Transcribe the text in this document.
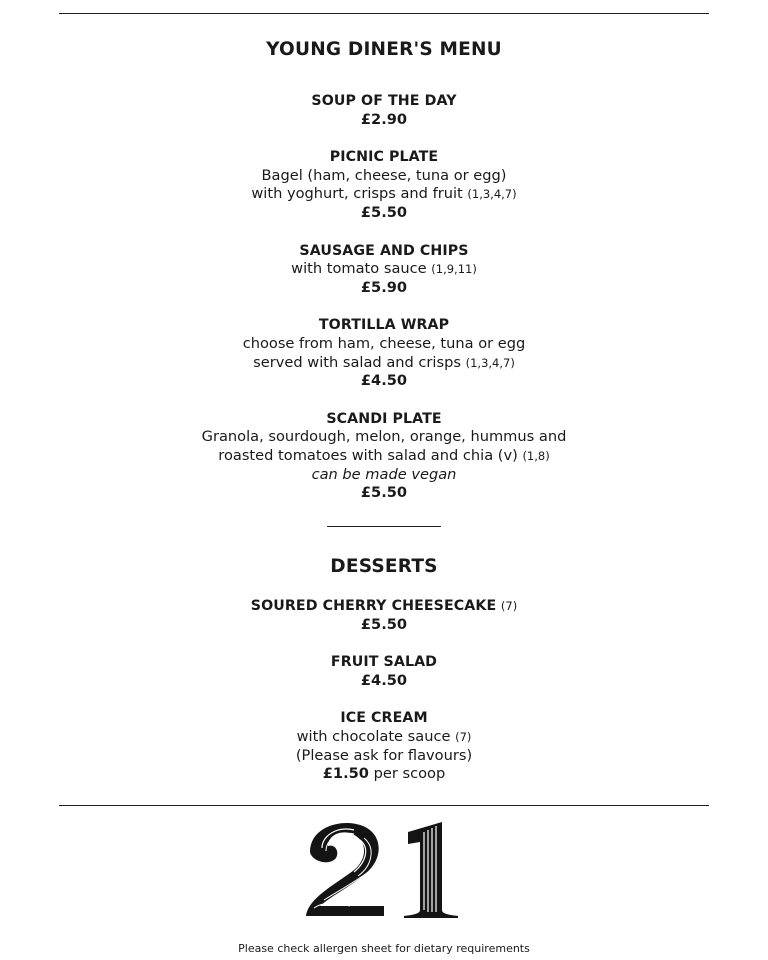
YOUNG DINER'S MENU
SOUP OF THE DAY
£2.90
PICNIC PLATE
Bagel (ham, cheese, tuna or egg)
with yoghurt, crisps and fruit (1,3,4,7)
£5.50
SAUSAGE AND CHIPS
with tomato sauce (1,9,11)
£5.90
TORTILLA WRAP
choose from ham, cheese, tuna or egg
served with salad and crisps (1,3,4,7)
£4.50
SCANDI PLATE
Granola, sourdough, melon, orange, hummus and
roasted tomatoes with salad and chia (v) (1,8)
can be made vegan
£5.50
DESSERTS
SOURED CHERRY CHEESECAKE (7)
£5.50
FRUIT SALAD
£4.50
ICE CREAM
with chocolate sauce (7)
(Please ask for flavours)
£1.50 per scoop
Please check allergen sheet for dietary requirements
